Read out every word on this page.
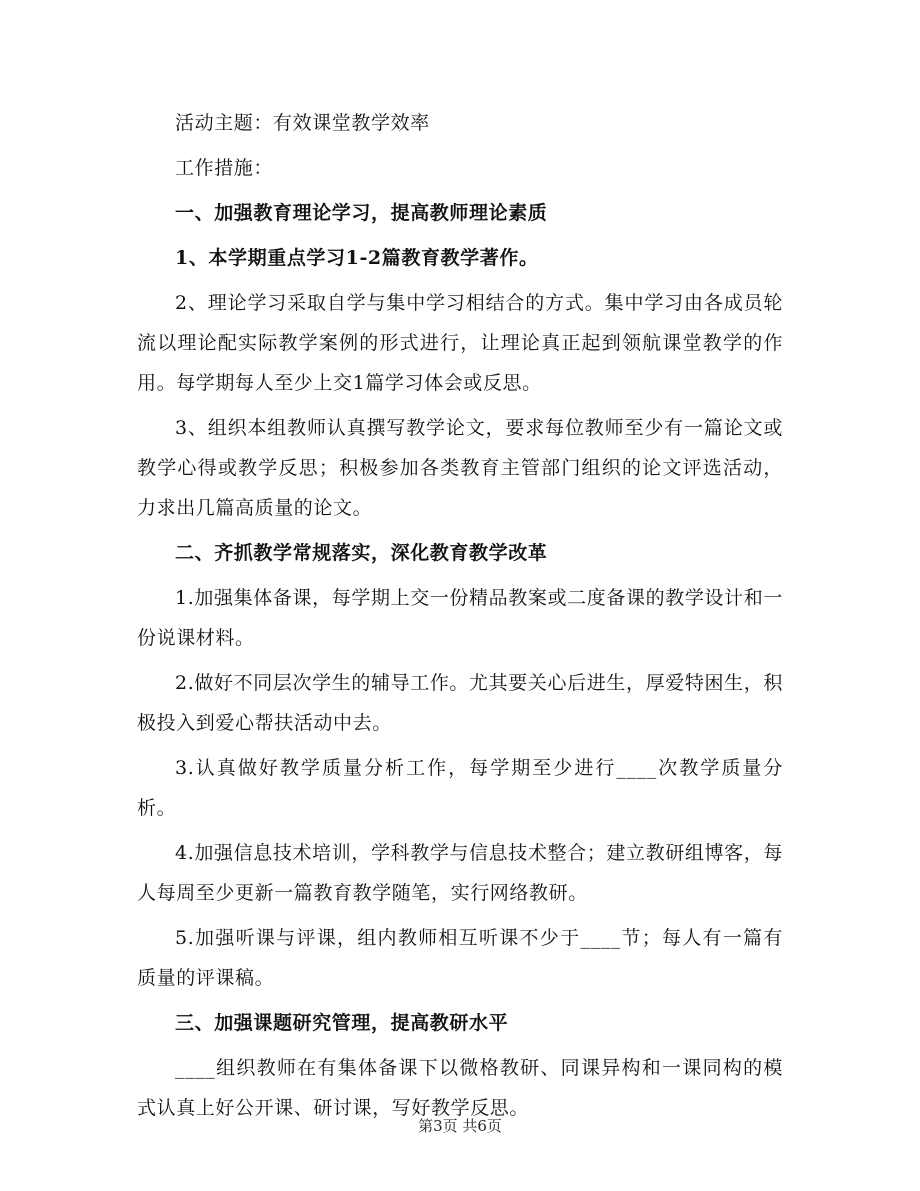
活动主题：有效课堂教学效率

工作措施：

一、加强教育理论学习，提高教师理论素质

1、本学期重点学习1-2篇教育教学著作。

2、理论学习采取自学与集中学习相结合的方式。集中学习由各成员轮流以理论配实际教学案例的形式进行，让理论真正起到领航课堂教学的作用。每学期每人至少上交1篇学习体会或反思。

3、组织本组教师认真撰写教学论文，要求每位教师至少有一篇论文或教学心得或教学反思；积极参加各类教育主管部门组织的论文评选活动，力求出几篇高质量的论文。

二、齐抓教学常规落实，深化教育教学改革

1.加强集体备课，每学期上交一份精品教案或二度备课的教学设计和一份说课材料。

2.做好不同层次学生的辅导工作。尤其要关心后进生，厚爱特困生，积极投入到爱心帮扶活动中去。

3.认真做好教学质量分析工作，每学期至少进行____次教学质量分析。

4.加强信息技术培训，学科教学与信息技术整合；建立教研组博客，每人每周至少更新一篇教育教学随笔，实行网络教研。

5.加强听课与评课，组内教师相互听课不少于____节；每人有一篇有质量的评课稿。

三、加强课题研究管理，提高教研水平

____组织教师在有集体备课下以微格教研、同课异构和一课同构的模式认真上好公开课、研讨课，写好教学反思。

第3页 共6页
